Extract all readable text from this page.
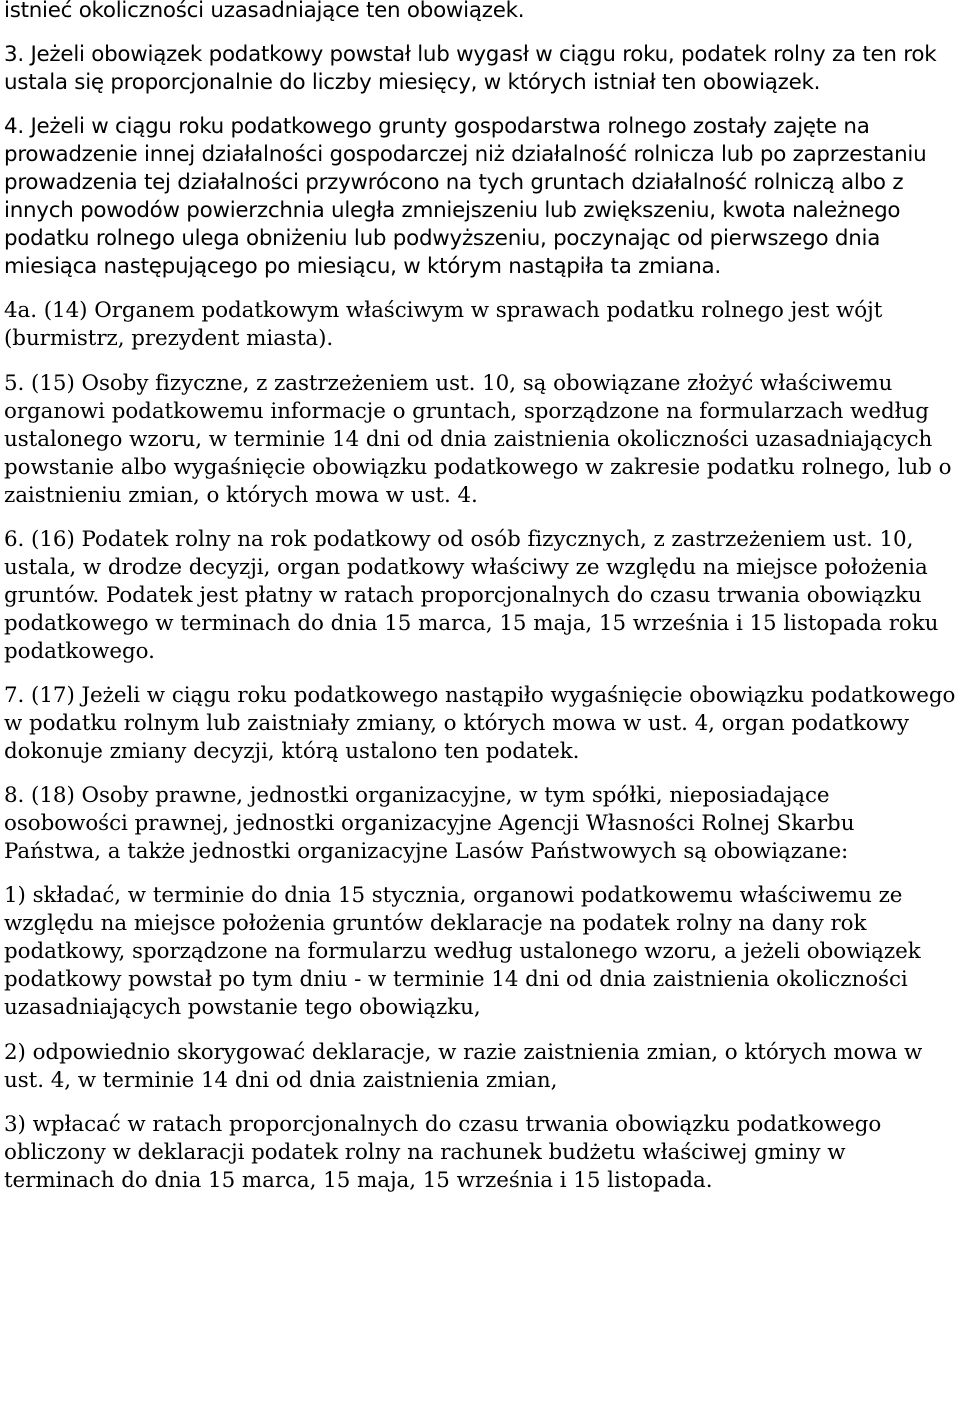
istnieć okoliczności uzasadniające ten obowiązek.

3. Jeżeli obowiązek podatkowy powstał lub wygasł w ciągu roku, podatek rolny za ten rok ustala się proporcjonalnie do liczby miesięcy, w których istniał ten obowiązek.

4. Jeżeli w ciągu roku podatkowego grunty gospodarstwa rolnego zostały zajęte na prowadzenie innej działalności gospodarczej niż działalność rolnicza lub po zaprzestaniu prowadzenia tej działalności przywrócono na tych gruntach działalność rolniczą albo z innych powodów powierzchnia uległa zmniejszeniu lub zwiększeniu, kwota należnego podatku rolnego ulega obniżeniu lub podwyższeniu, poczynając od pierwszego dnia miesiąca następującego po miesiącu, w którym nastąpiła ta zmiana.

4a. (14) Organem podatkowym właściwym w sprawach podatku rolnego jest wójt (burmistrz, prezydent miasta).

5. (15) Osoby fizyczne, z zastrzeżeniem ust. 10, są obowiązane złożyć właściwemu organowi podatkowemu informacje o gruntach, sporządzone na formularzach według ustalonego wzoru, w terminie 14 dni od dnia zaistnienia okoliczności uzasadniających powstanie albo wygaśnięcie obowiązku podatkowego w zakresie podatku rolnego, lub o zaistnieniu zmian, o których mowa w ust. 4.

6. (16) Podatek rolny na rok podatkowy od osób fizycznych, z zastrzeżeniem ust. 10, ustala, w drodze decyzji, organ podatkowy właściwy ze względu na miejsce położenia gruntów. Podatek jest płatny w ratach proporcjonalnych do czasu trwania obowiązku podatkowego w terminach do dnia 15 marca, 15 maja, 15 września i 15 listopada roku podatkowego.

7. (17) Jeżeli w ciągu roku podatkowego nastąpiło wygaśnięcie obowiązku podatkowego w podatku rolnym lub zaistniały zmiany, o których mowa w ust. 4, organ podatkowy dokonuje zmiany decyzji, którą ustalono ten podatek.

8. (18) Osoby prawne, jednostki organizacyjne, w tym spółki, nieposiadające osobowości prawnej, jednostki organizacyjne Agencji Własności Rolnej Skarbu Państwa, a także jednostki organizacyjne Lasów Państwowych są obowiązane:

1) składać, w terminie do dnia 15 stycznia, organowi podatkowemu właściwemu ze względu na miejsce położenia gruntów deklaracje na podatek rolny na dany rok podatkowy, sporządzone na formularzu według ustalonego wzoru, a jeżeli obowiązek podatkowy powstał po tym dniu - w terminie 14 dni od dnia zaistnienia okoliczności uzasadniających powstanie tego obowiązku,

2) odpowiednio skorygować deklaracje, w razie zaistnienia zmian, o których mowa w ust. 4, w terminie 14 dni od dnia zaistnienia zmian,

3) wpłacać w ratach proporcjonalnych do czasu trwania obowiązku podatkowego obliczony w deklaracji podatek rolny na rachunek budżetu właściwej gminy w terminach do dnia 15 marca, 15 maja, 15 września i 15 listopada.
